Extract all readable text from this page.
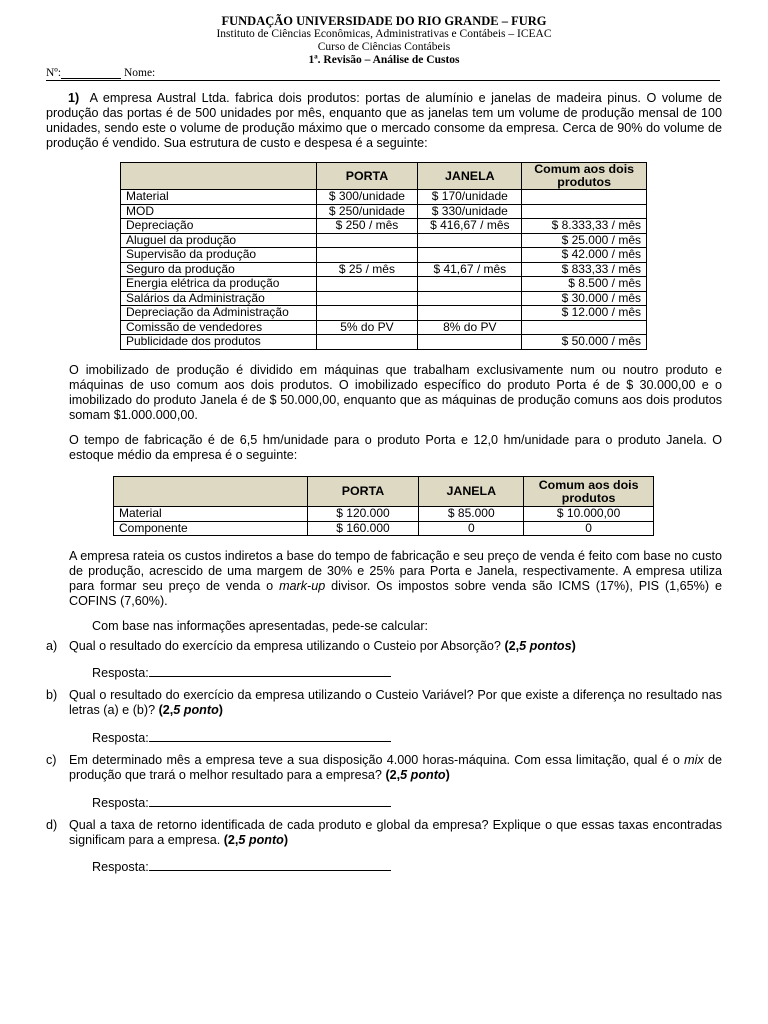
FUNDAÇÃO UNIVERSIDADE DO RIO GRANDE – FURG
Instituto de Ciências Econômicas, Administrativas e Contábeis – ICEAC
Curso de Ciências Contábeis
1ª. Revisão – Análise de Custos
Nº:	Nome:
1) A empresa Austral Ltda. fabrica dois produtos: portas de alumínio e janelas de madeira pinus. O volume de produção das portas é de 500 unidades por mês, enquanto que as janelas tem um volume de produção mensal de 100 unidades, sendo este o volume de produção máximo que o mercado consome da empresa. Cerca de 90% do volume de produção é vendido. Sua estrutura de custo e despesa é a seguinte:
	PORTA	JANELA	Comum aos dois produtos
Material	$ 300/unidade	$ 170/unidade	
MOD	$ 250/unidade	$ 330/unidade	
Depreciação	$ 250 / mês	$ 416,67 / mês	$ 8.333,33 / mês
Aluguel da produção			$ 25.000 / mês
Supervisão da produção			$ 42.000 / mês
Seguro da produção	$ 25 / mês	$ 41,67 / mês	$ 833,33 / mês
Energia elétrica da produção			$ 8.500 / mês
Salários da Administração			$ 30.000 / mês
Depreciação da Administração			$ 12.000 / mês
Comissão de vendedores	5% do PV	8% do PV	
Publicidade dos produtos			$ 50.000 / mês
O imobilizado de produção é dividido em máquinas que trabalham exclusivamente num ou noutro produto e máquinas de uso comum aos dois produtos. O imobilizado específico do produto Porta é de $ 30.000,00 e o imobilizado do produto Janela é de $ 50.000,00, enquanto que as máquinas de produção comuns aos dois produtos somam $1.000.000,00.
O tempo de fabricação é de 6,5 hm/unidade para o produto Porta e 12,0 hm/unidade para o produto Janela. O estoque médio da empresa é o seguinte:
	PORTA	JANELA	Comum aos dois produtos
Material	$ 120.000	$ 85.000	$ 10.000,00
Componente	$ 160.000	0	0
A empresa rateia os custos indiretos a base do tempo de fabricação e seu preço de venda é feito com base no custo de produção, acrescido de uma margem de 30% e 25% para Porta e Janela, respectivamente. A empresa utiliza para formar seu preço de venda o mark-up divisor. Os impostos sobre venda são ICMS (17%), PIS (1,65%) e COFINS (7,60%).
Com base nas informações apresentadas, pede-se calcular:
a) Qual o resultado do exercício da empresa utilizando o Custeio por Absorção? (2,5 pontos)
Resposta:
b) Qual o resultado do exercício da empresa utilizando o Custeio Variável? Por que existe a diferença no resultado nas letras (a) e (b)? (2,5 ponto)
Resposta:
c) Em determinado mês a empresa teve a sua disposição 4.000 horas-máquina. Com essa limitação, qual é o mix de produção que trará o melhor resultado para a empresa? (2,5 ponto)
Resposta:
d) Qual a taxa de retorno identificada de cada produto e global da empresa? Explique o que essas taxas encontradas significam para a empresa. (2,5 ponto)
Resposta:
